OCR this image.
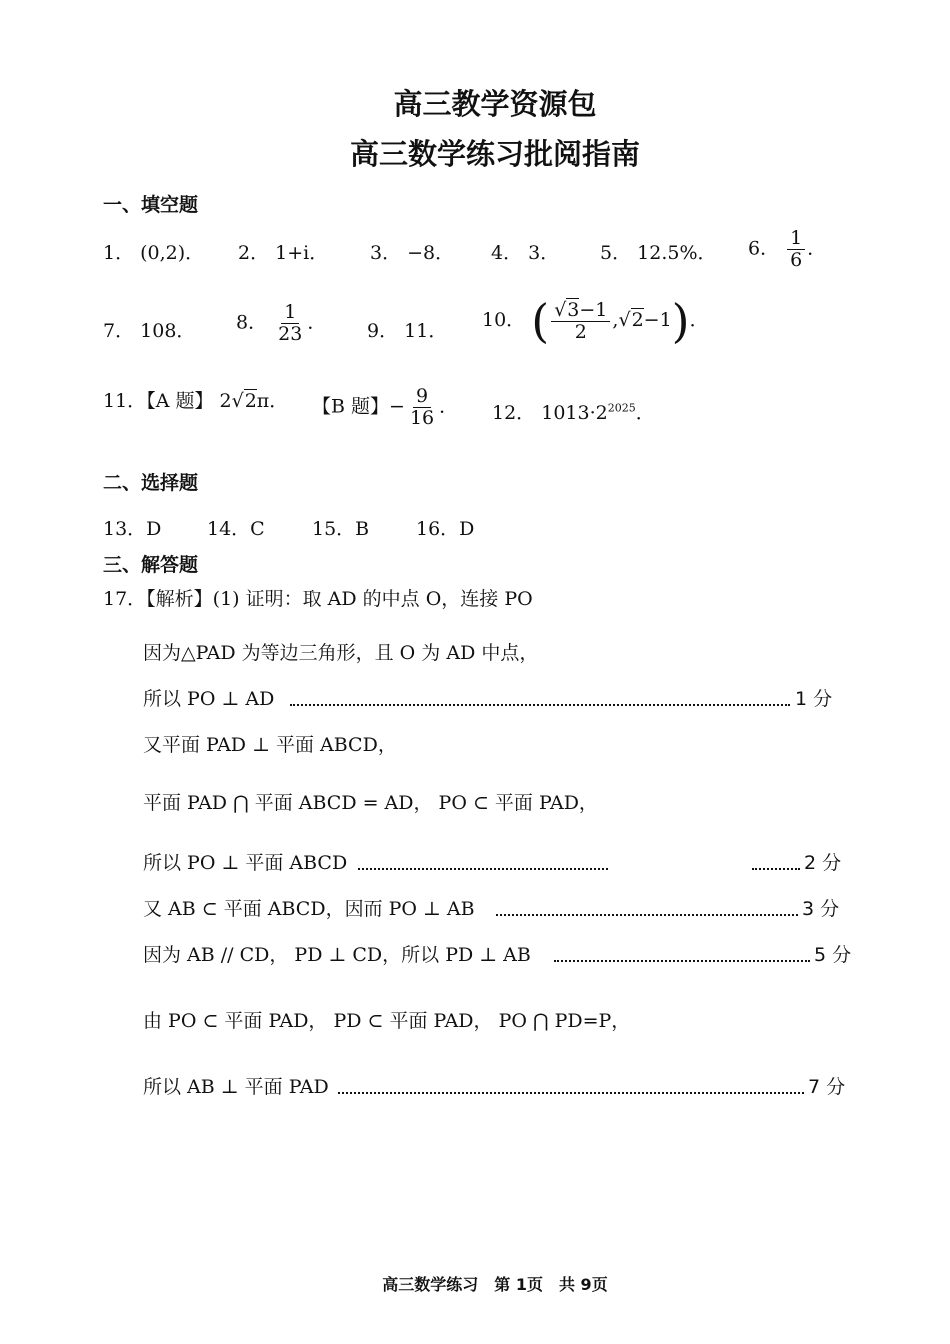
高三教学资源包
高三数学练习批阅指南
一、填空题
1． (0,2)． 2． 1+i． 3． −8． 4． 3． 5． 12.5%． 6． $\frac{1}{6}$ ．
7． 108． 8． $\frac{1}{23}$ ． 9． 11． 10． ( $\frac{√3-1}{2} ,√2-1$)．
11．【A 题】 2√2π． 【B 题】− $\frac{9}{16}$ ． 12． $1013\cdot 2^{2025}$．
二、选择题
13．D 14．C 15．B 16．D
三、解答题
17．【解析】(1) 证明：取 AD 的中点 O，连接 PO
因为△PAD 为等边三角形，且 O 为 AD 中点，
所以 PO ⊥ AD	1 分
又平面 PAD ⊥ 平面 ABCD，
平面 PAD ⋂ 平面 ABCD = AD， PO ⊂ 平面 PAD，
所以 PO ⊥ 平面 ABCD	2 分
又 AB ⊂ 平面 ABCD，因而 PO ⊥ AB	3 分
因为 AB // CD， PD ⊥ CD，所以 PD ⊥ AB	5 分
由 PO ⊂ 平面 PAD， PD ⊂ 平面 PAD， PO ⋂ PD=P，
所以 AB ⊥ 平面 PAD	7 分
高三数学练习　第 1页　共 9页
